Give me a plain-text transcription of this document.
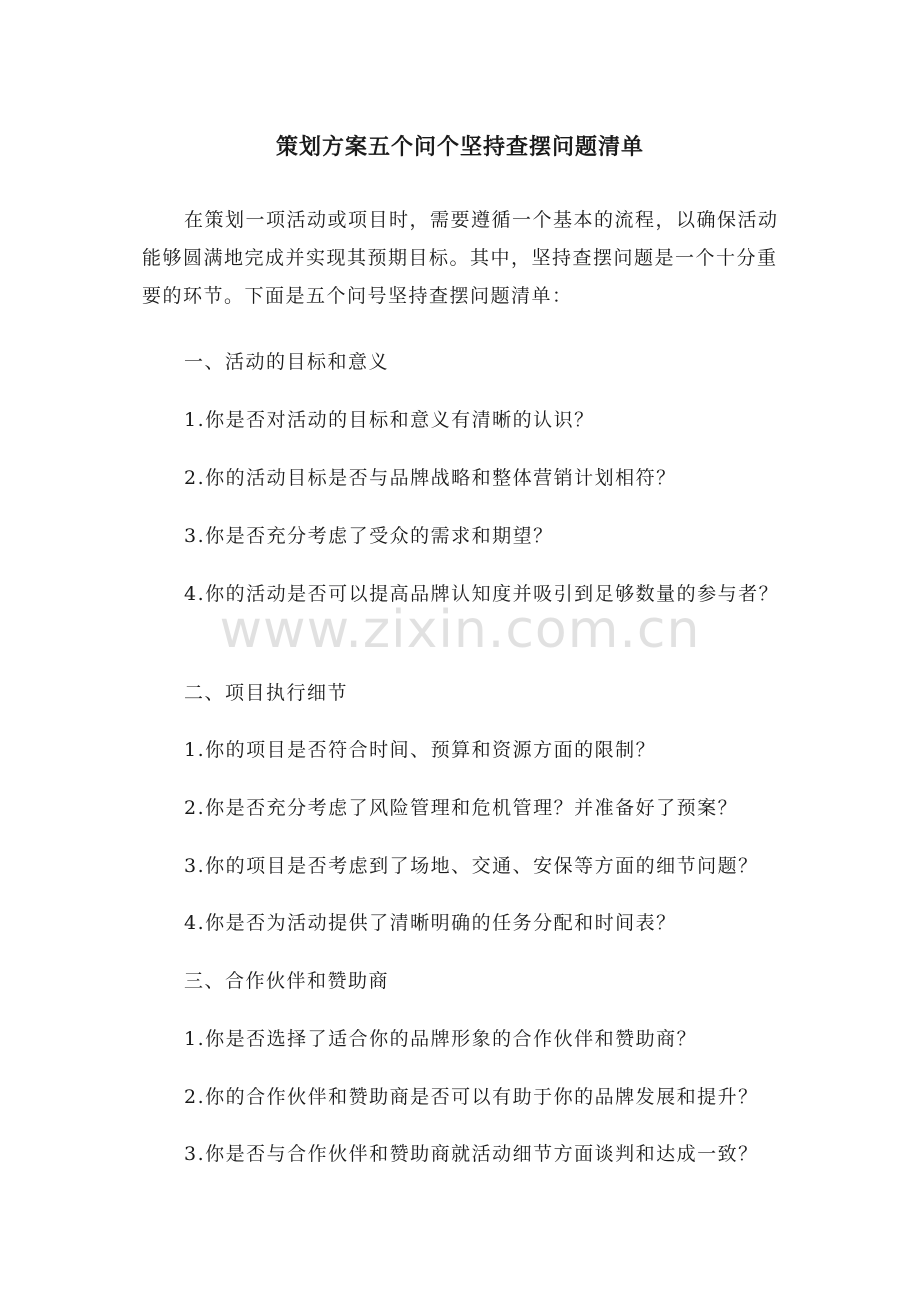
策划方案五个问个坚持查摆问题清单

在策划一项活动或项目时，需要遵循一个基本的流程，以确保活动能够圆满地完成并实现其预期目标。其中，坚持查摆问题是一个十分重要的环节。下面是五个问号坚持查摆问题清单：

一、活动的目标和意义
1.你是否对活动的目标和意义有清晰的认识？
2.你的活动目标是否与品牌战略和整体营销计划相符？
3.你是否充分考虑了受众的需求和期望？

4.你的活动是否可以提高品牌认知度并吸引到足够数量的参与者？

二、项目执行细节
1.你的项目是否符合时间、预算和资源方面的限制？
2.你是否充分考虑了风险管理和危机管理？并准备好了预案？
3.你的项目是否考虑到了场地、交通、安保等方面的细节问题？
4.你是否为活动提供了清晰明确的任务分配和时间表？
三、合作伙伴和赞助商
1.你是否选择了适合你的品牌形象的合作伙伴和赞助商？
2.你的合作伙伴和赞助商是否可以有助于你的品牌发展和提升？
3.你是否与合作伙伴和赞助商就活动细节方面谈判和达成一致？
www.zixin.com.cn
